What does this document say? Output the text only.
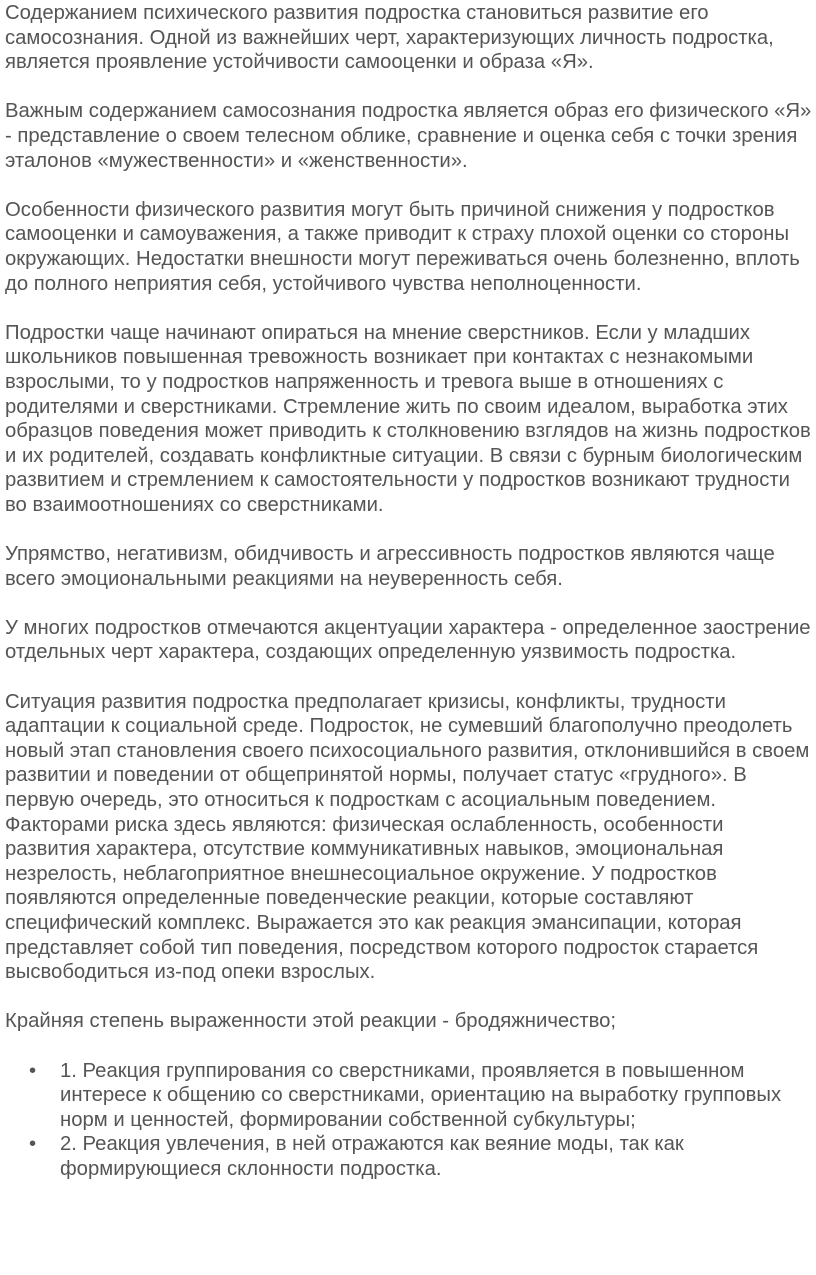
Содержанием психического развития подростка становиться развитие его самосознания. Одной из важнейших черт, характеризующих личность подростка, является проявление устойчивости самооценки и образа «Я».

Важным содержанием самосознания подростка является образ его физического «Я» - представление о своем телесном облике, сравнение и оценка себя с точки зрения эталонов «мужественности» и «женственности».

Особенности физического развития могут быть причиной снижения у подростков самооценки и самоуважения, а также приводит к страху плохой оценки со стороны окружающих. Недостатки внешности могут переживаться очень болезненно, вплоть до полного неприятия себя, устойчивого чувства неполноценности.

Подростки чаще начинают опираться на мнение сверстников. Если у младших школьников повышенная тревожность возникает при контактах с незнакомыми взрослыми, то у подростков напряженность и тревога выше в отношениях с родителями и сверстниками. Стремление жить по своим идеалом, выработка этих образцов поведения может приводить к столкновению взглядов на жизнь подростков и их родителей, создавать конфликтные ситуации. В связи с бурным биологическим развитием и стремлением к самостоятельности у подростков возникают трудности во взаимоотношениях со сверстниками.

Упрямство, негативизм, обидчивость и агрессивность подростков являются чаще всего эмоциональными реакциями на неуверенность себя.

У многих подростков отмечаются акцентуации характера - определенное заострение отдельных черт характера, создающих определенную уязвимость подростка.

Ситуация развития подростка предполагает кризисы, конфликты, трудности адаптации к социальной среде. Подросток, не сумевший благополучно преодолеть новый этап становления своего психосоциального развития, отклонившийся в своем развитии и поведении от общепринятой нормы, получает статус «грудного». В первую очередь, это относиться к подросткам с асоциальным поведением. Факторами риска здесь являются: физическая ослабленность, особенности развития характера, отсутствие коммуникативных навыков, эмоциональная незрелость, неблагоприятное внешнесоциальное окружение. У подростков появляются определенные поведенческие реакции, которые составляют специфический комплекс. Выражается это как реакция эмансипации, которая представляет собой тип поведения, посредством которого подросток старается высвободиться из-под опеки взрослых.

Крайняя степень выраженности этой реакции - бродяжничество;

• 1. Реакция группирования со сверстниками, проявляется в повышенном интересе к общению со сверстниками, ориентацию на выработку групповых норм и ценностей, формировании собственной субкультуры;
• 2. Реакция увлечения, в ней отражаются как веяние моды, так как формирующиеся склонности подростка.
